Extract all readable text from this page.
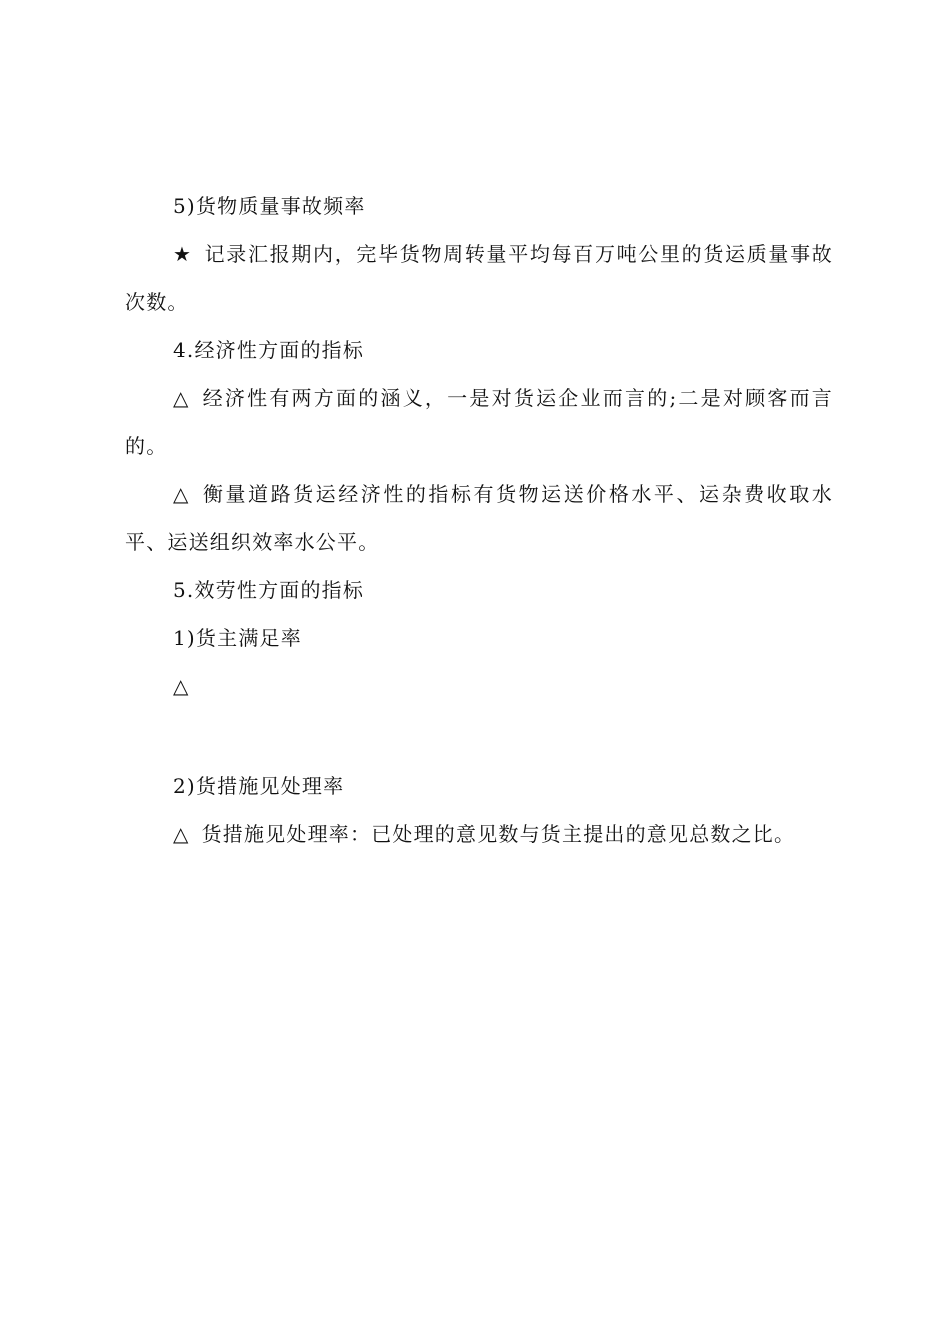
5)货物质量事故频率

★ 记录汇报期内，完毕货物周转量平均每百万吨公里的货运质量事故次数。

4.经济性方面的指标

△ 经济性有两方面的涵义，一是对货运企业而言的;二是对顾客而言的。

△ 衡量道路货运经济性的指标有货物运送价格水平、运杂费收取水平、运送组织效率水公平。

5.效劳性方面的指标

1)货主满足率

△

2)货措施见处理率

△ 货措施见处理率：已处理的意见数与货主提出的意见总数之比。
